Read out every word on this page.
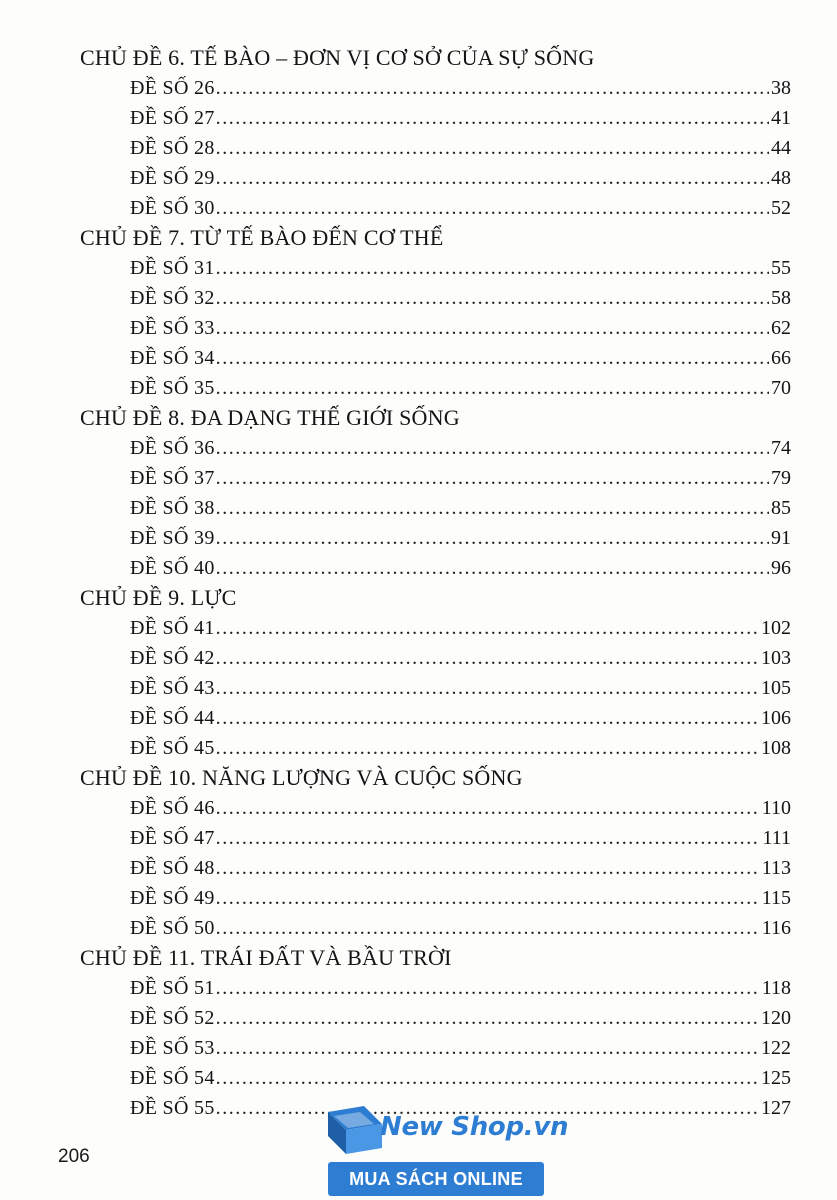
CHỦ ĐỀ 6. TẾ BÀO – ĐƠN VỊ CƠ SỞ CỦA SỰ SỐNG
ĐỀ SỐ 26 .....	38
ĐỀ SỐ 27 .....	41
ĐỀ SỐ 28 .....	44
ĐỀ SỐ 29 .....	48
ĐỀ SỐ 30 .....	52
CHỦ ĐỀ 7. TỪ TẾ BÀO ĐẾN CƠ THỂ
ĐỀ SỐ 31 .....	55
ĐỀ SỐ 32 .....	58
ĐỀ SỐ 33 .....	62
ĐỀ SỐ 34 .....	66
ĐỀ SỐ 35 .....	70
CHỦ ĐỀ 8. ĐA DẠNG THẾ GIỚI SỐNG
ĐỀ SỐ 36 .....	74
ĐỀ SỐ 37 .....	79
ĐỀ SỐ 38 .....	85
ĐỀ SỐ 39 .....	91
ĐỀ SỐ 40 .....	96
CHỦ ĐỀ 9. LỰC
ĐỀ SỐ 41 .....	102
ĐỀ SỐ 42 .....	103
ĐỀ SỐ 43 .....	105
ĐỀ SỐ 44 .....	106
ĐỀ SỐ 45 .....	108
CHỦ ĐỀ 10. NĂNG LƯỢNG VÀ CUỘC SỐNG
ĐỀ SỐ 46 .....	110
ĐỀ SỐ 47 .....	111
ĐỀ SỐ 48 .....	113
ĐỀ SỐ 49 .....	115
ĐỀ SỐ 50 .....	116
CHỦ ĐỀ 11. TRÁI ĐẤT VÀ BẦU TRỜI
ĐỀ SỐ 51 .....	118
ĐỀ SỐ 52 .....	120
ĐỀ SỐ 53 .....	122
ĐỀ SỐ 54 .....	125
ĐỀ SỐ 55 .....	127
206
New Shop.vn
MUA SÁCH ONLINE
